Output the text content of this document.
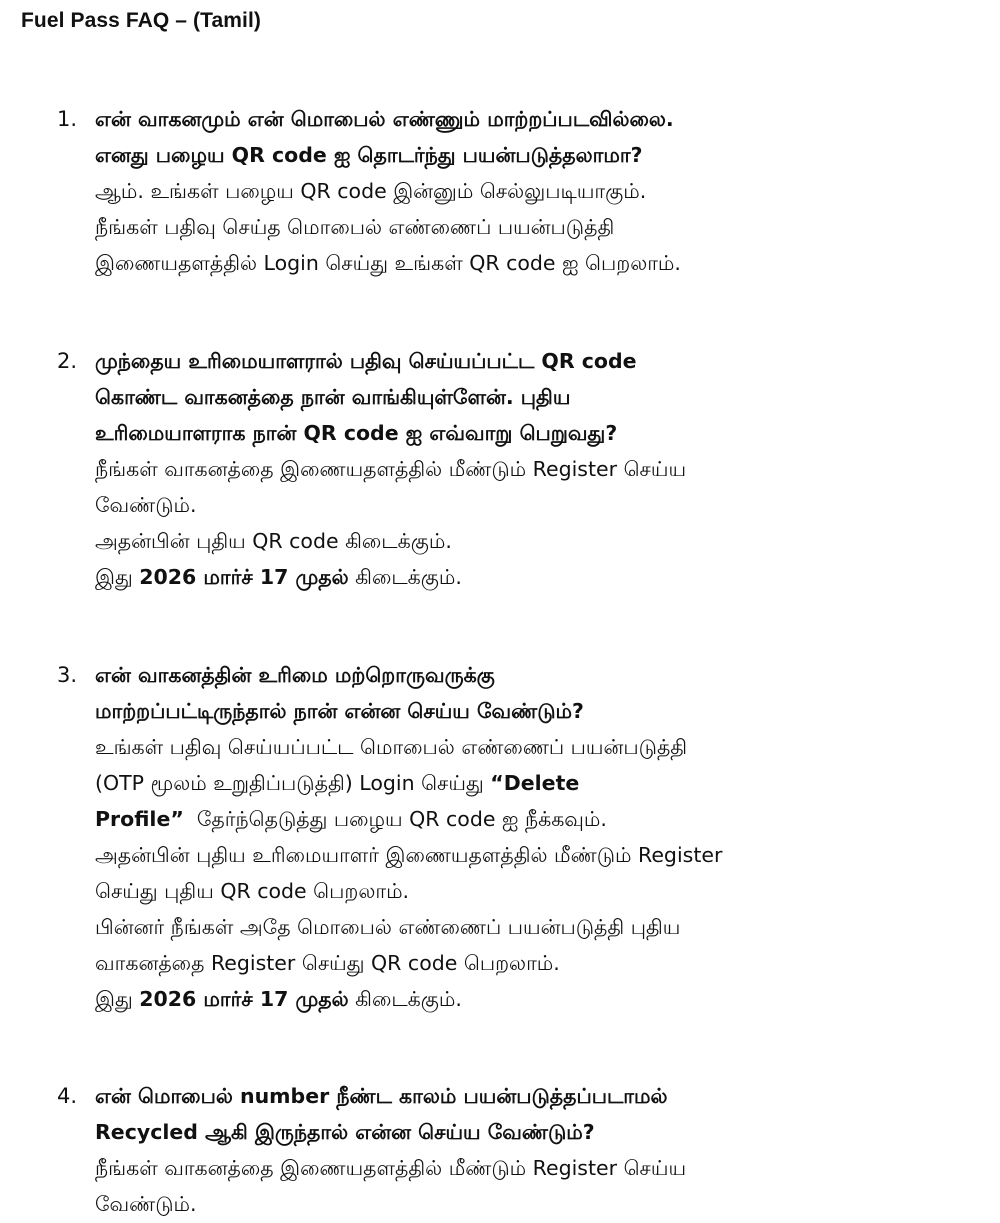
Fuel Pass FAQ – (Tamil)
1. என் வாகனமும் என் மொபைல் எண்ணும் மாற்றப்படவில்லை.
எனது பழைய QR code ஐ தொடர்ந்து பயன்படுத்தலாமா?
ஆம். உங்கள் பழைய QR code இன்னும் செல்லுபடியாகும்.
நீங்கள் பதிவு செய்த மொபைல் எண்ணைப் பயன்படுத்தி
இணையதளத்தில் Login செய்து உங்கள் QR code ஐ பெறலாம்.
2. முந்தைய உரிமையாளரால் பதிவு செய்யப்பட்ட QR code
கொண்ட வாகனத்தை நான் வாங்கியுள்ளேன். புதிய
உரிமையாளராக நான் QR code ஐ எவ்வாறு பெறுவது?
நீங்கள் வாகனத்தை இணையதளத்தில் மீண்டும் Register செய்ய
வேண்டும்.
அதன்பின் புதிய QR code கிடைக்கும்.
இது 2026 மார்ச் 17 முதல் கிடைக்கும்.
3. என் வாகனத்தின் உரிமை மற்றொருவருக்கு
மாற்றப்பட்டிருந்தால் நான் என்ன செய்ய வேண்டும்?
உங்கள் பதிவு செய்யப்பட்ட மொபைல் எண்ணைப் பயன்படுத்தி
(OTP மூலம் உறுதிப்படுத்தி) Login செய்து “Delete
Profile”  தேர்ந்தெடுத்து பழைய QR code ஐ நீக்கவும்.
அதன்பின் புதிய உரிமையாளர் இணையதளத்தில் மீண்டும் Register
செய்து புதிய QR code பெறலாம்.
பின்னர் நீங்கள் அதே மொபைல் எண்ணைப் பயன்படுத்தி புதிய
வாகனத்தை Register செய்து QR code பெறலாம்.
இது 2026 மார்ச் 17 முதல் கிடைக்கும்.
4. என் மொபைல் number நீண்ட காலம் பயன்படுத்தப்படாமல்
Recycled ஆகி இருந்தால் என்ன செய்ய வேண்டும்?
நீங்கள் வாகனத்தை இணையதளத்தில் மீண்டும் Register செய்ய
வேண்டும்.
